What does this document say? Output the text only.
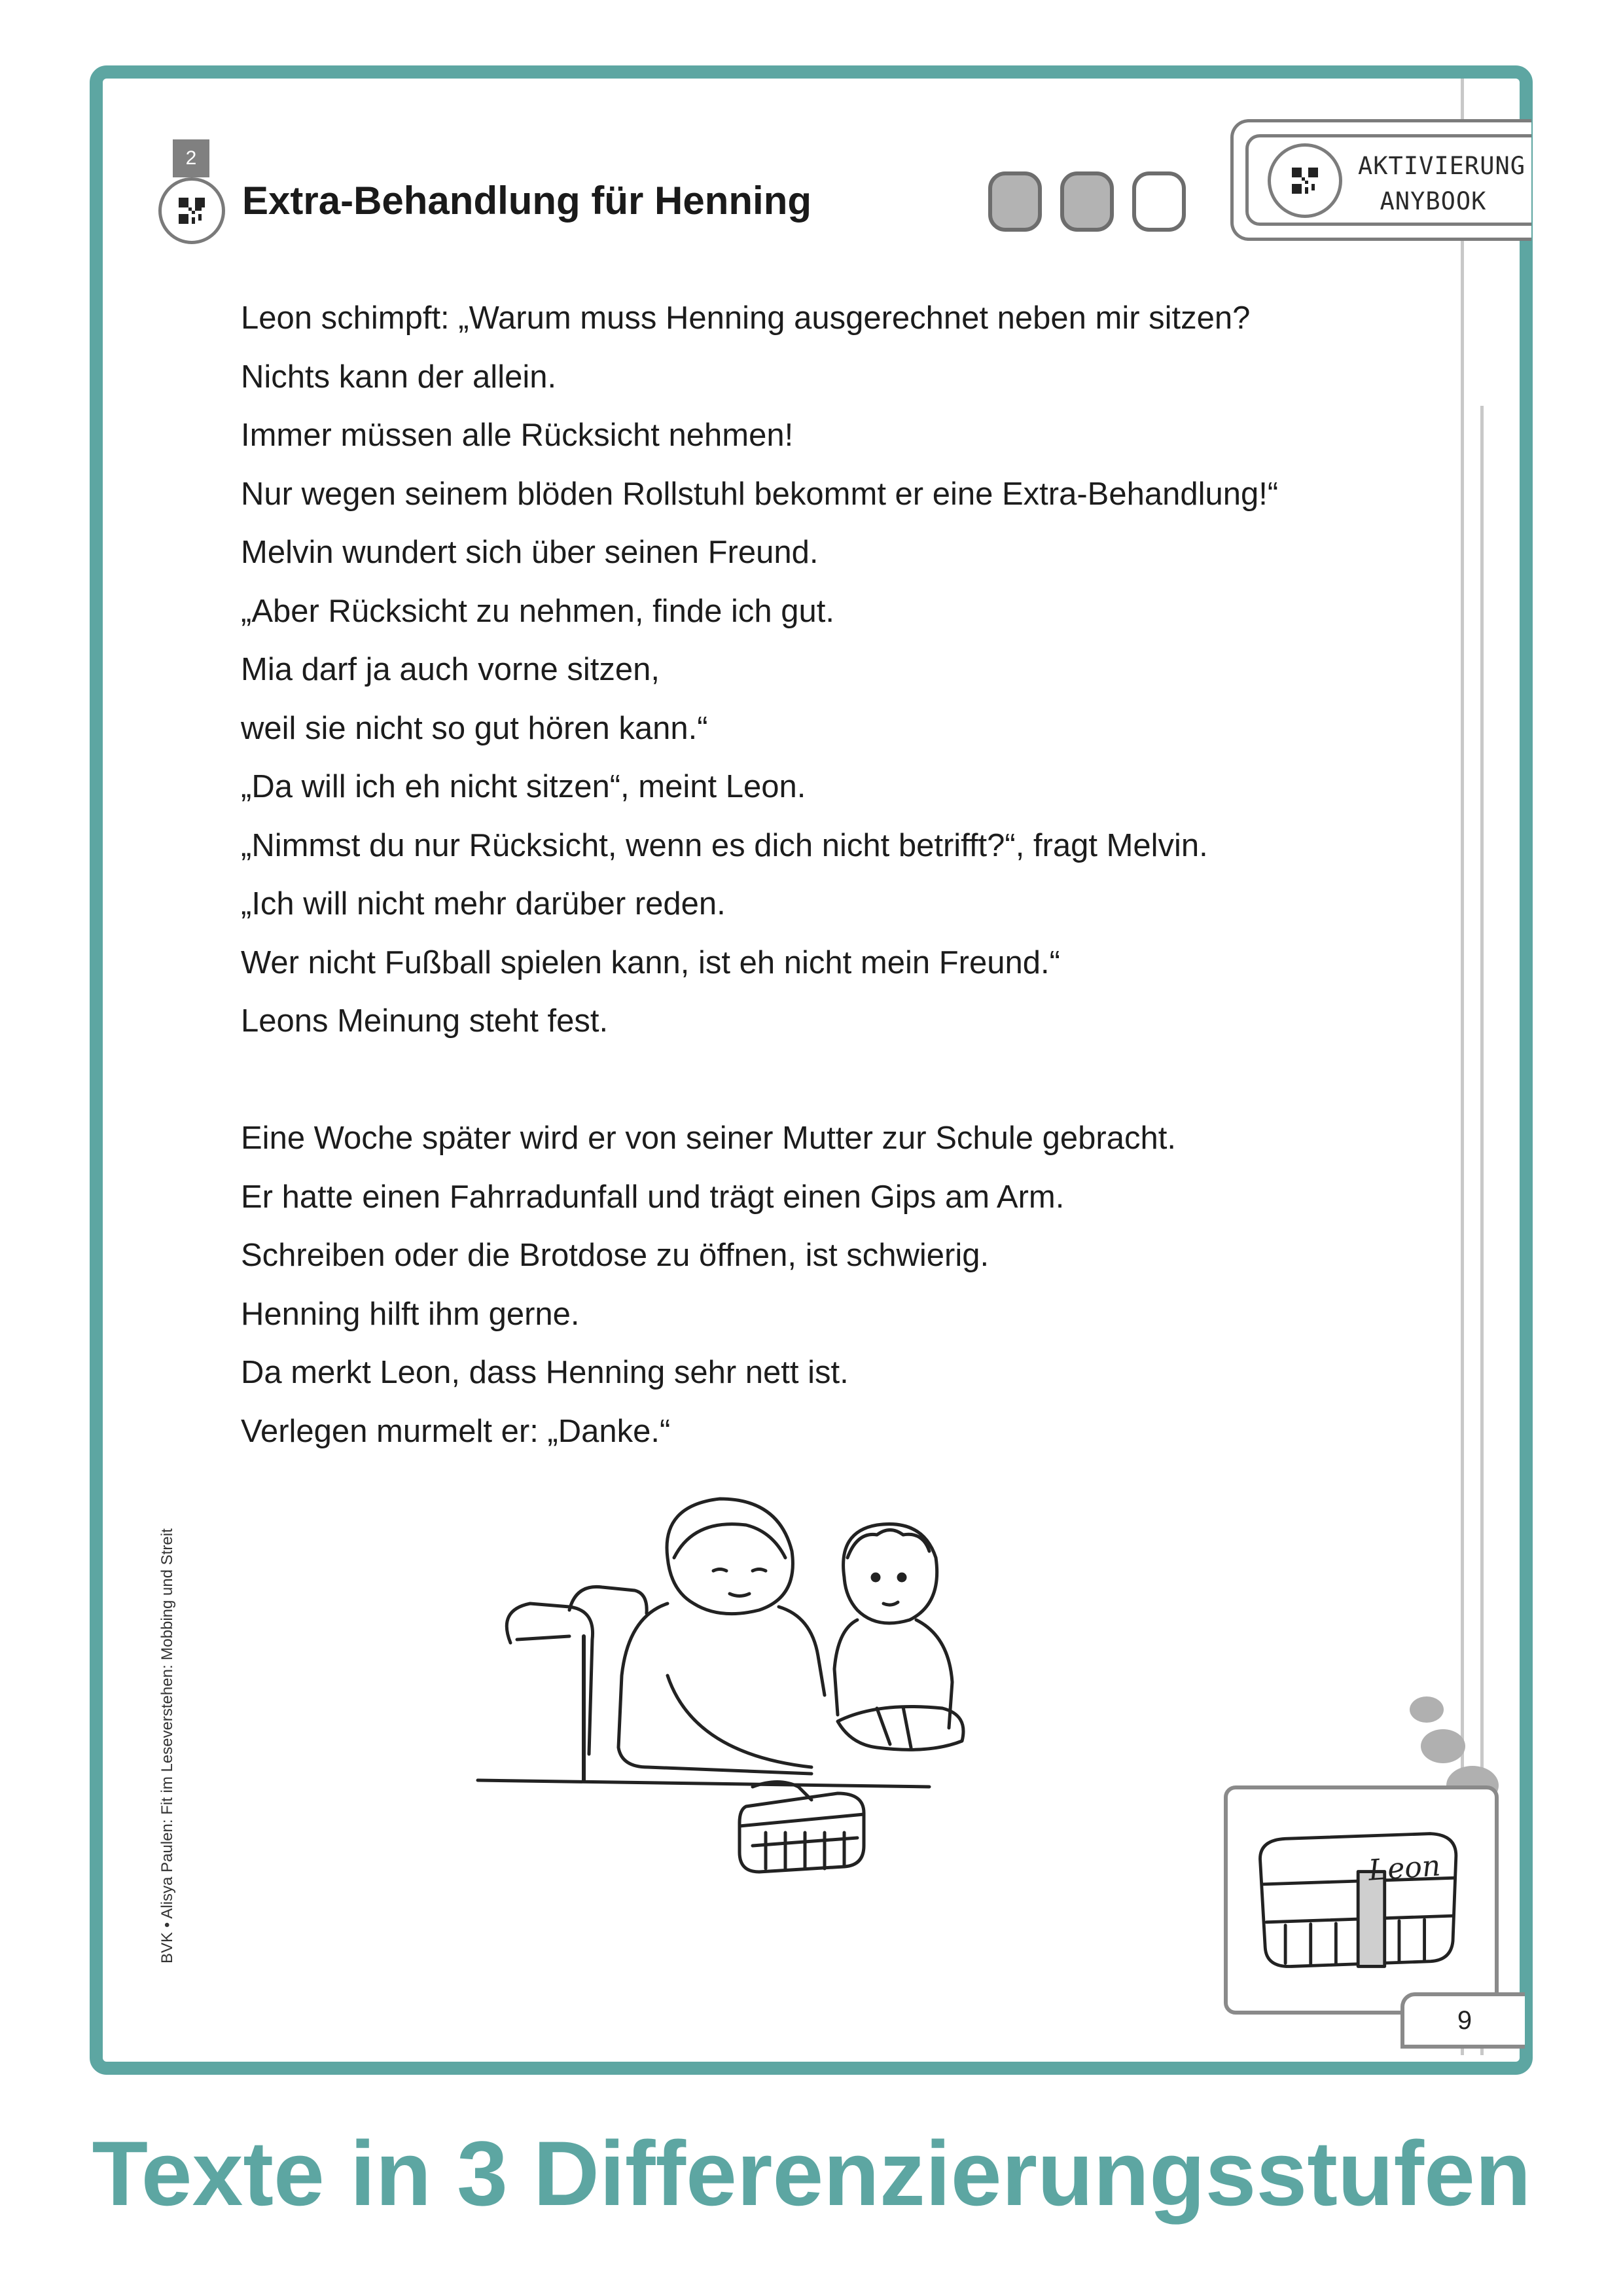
2
Extra-Behandlung für Henning
AKTIVIERUNG
ANYBOOK
Leon schimpft: „Warum muss Henning ausgerechnet neben mir sitzen?
Nichts kann der allein.
Immer müssen alle Rücksicht nehmen!
Nur wegen seinem blöden Rollstuhl bekommt er eine Extra-Behandlung!“
Melvin wundert sich über seinen Freund.
„Aber Rücksicht zu nehmen, finde ich gut.
Mia darf ja auch vorne sitzen,
weil sie nicht so gut hören kann.“
„Da will ich eh nicht sitzen“, meint Leon.
„Nimmst du nur Rücksicht, wenn es dich nicht betrifft?“, fragt Melvin.
„Ich will nicht mehr darüber reden.
Wer nicht Fußball spielen kann, ist eh nicht mein Freund.“
Leons Meinung steht fest.
Eine Woche später wird er von seiner Mutter zur Schule gebracht.
Er hatte einen Fahrradunfall und trägt einen Gips am Arm.
Schreiben oder die Brotdose zu öffnen, ist schwierig.
Henning hilft ihm gerne.
Da merkt Leon, dass Henning sehr nett ist.
Verlegen murmelt er: „Danke.“
BVK • Alisya Paulen: Fit im Leseverstehen: Mobbing und Streit	Leon
9
Texte in 3 Differenzierungsstufen
